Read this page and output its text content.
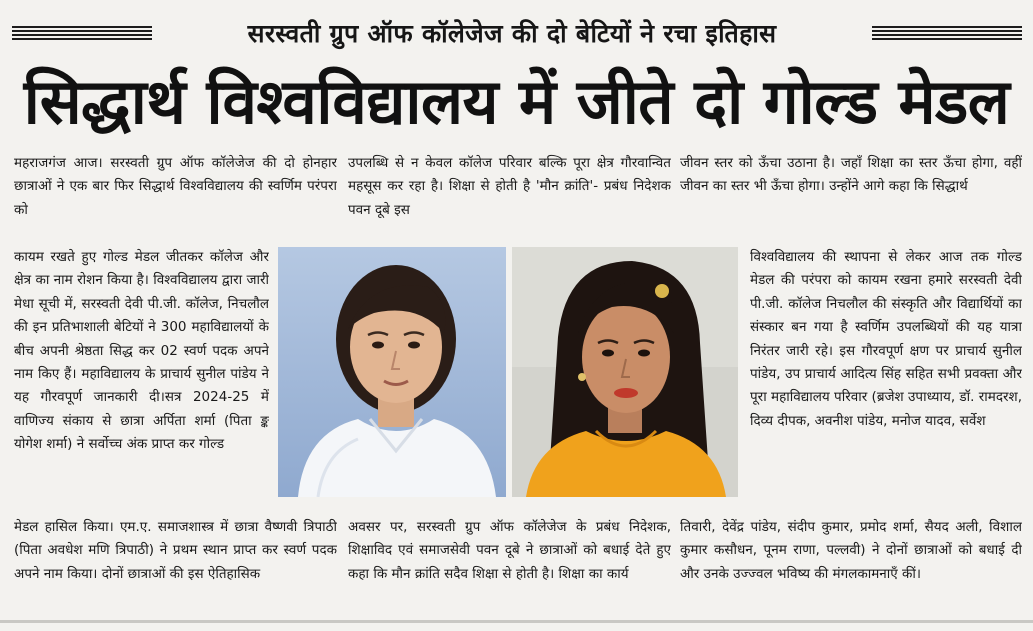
सरस्वती ग्रुप ऑफ कॉलेजेज की दो बेटियों ने रचा इतिहास
सिद्धार्थ विश्वविद्यालय में जीते दो गोल्ड मेडल
महराजगंज आज। सरस्वती ग्रुप ऑफ कॉलेजेज की दो होनहार छात्राओं ने एक बार फिर सिद्धार्थ विश्वविद्यालय की स्वर्णिम परंपरा को
कायम रखते हुए गोल्ड मेडल जीतकर कॉलेज और क्षेत्र का नाम रोशन किया है। विश्वविद्यालय द्वारा जारी मेधा सूची में, सरस्वती देवी पी.जी. कॉलेज, निचलौल की इन प्रतिभाशाली बेटियों ने 300 महाविद्यालयों के बीच अपनी श्रेष्ठता सिद्ध कर 02 स्वर्ण पदक अपने नाम किए हैं। महाविद्यालय के प्राचार्य सुनील पांडेय ने यह गौरवपूर्ण जानकारी दी।सत्र 2024-25 में वाणिज्य संकाय से छात्रा अर्पिता शर्मा (पिता ङ्क योगेश शर्मा) ने सर्वोच्च अंक प्राप्त कर गोल्ड
मेडल हासिल किया। एम.ए. समाजशास्त्र में छात्रा वैष्णवी त्रिपाठी (पिता अवधेश मणि त्रिपाठी) ने प्रथम स्थान प्राप्त कर स्वर्ण पदक अपने नाम किया। दोनों छात्राओं की इस ऐतिहासिक
उपलब्धि से न केवल कॉलेज परिवार बल्कि पूरा क्षेत्र गौरवान्वित महसूस कर रहा है। शिक्षा से होती है 'मौन क्रांति'- प्रबंध निदेशक पवन दूबे इस
अवसर पर, सरस्वती ग्रुप ऑफ कॉलेजेज के प्रबंध निदेशक, शिक्षाविद एवं समाजसेवी पवन दूबे ने छात्राओं को बधाई देते हुए कहा कि मौन क्रांति सदैव शिक्षा से होती है। शिक्षा का कार्य
जीवन स्तर को ऊँचा उठाना है। जहाँ शिक्षा का स्तर ऊँचा होगा, वहीं जीवन का स्तर भी ऊँचा होगा। उन्होंने आगे कहा कि सिद्धार्थ
विश्वविद्यालय की स्थापना से लेकर आज तक गोल्ड मेडल की परंपरा को कायम रखना हमारे सरस्वती देवी पी.जी. कॉलेज निचलौल की संस्कृति और विद्यार्थियों का संस्कार बन गया है स्वर्णिम उपलब्धियों की यह यात्रा निरंतर जारी रहे। इस गौरवपूर्ण क्षण पर प्राचार्य सुनील पांडेय, उप प्राचार्य आदित्य सिंह सहित सभी प्रवक्ता और पूरा महाविद्यालय परिवार (ब्रजेश उपाध्याय, डॉ. रामदरश, दिव्य दीपक, अवनीश पांडेय, मनोज यादव, सर्वेश
तिवारी, देवेंद्र पांडेय, संदीप कुमार, प्रमोद शर्मा, सैयद अली, विशाल कुमार कसौधन, पूनम राणा, पल्लवी) ने दोनों छात्राओं को बधाई दी और उनके उज्ज्वल भविष्य की मंगलकामनाएँ कीं।
